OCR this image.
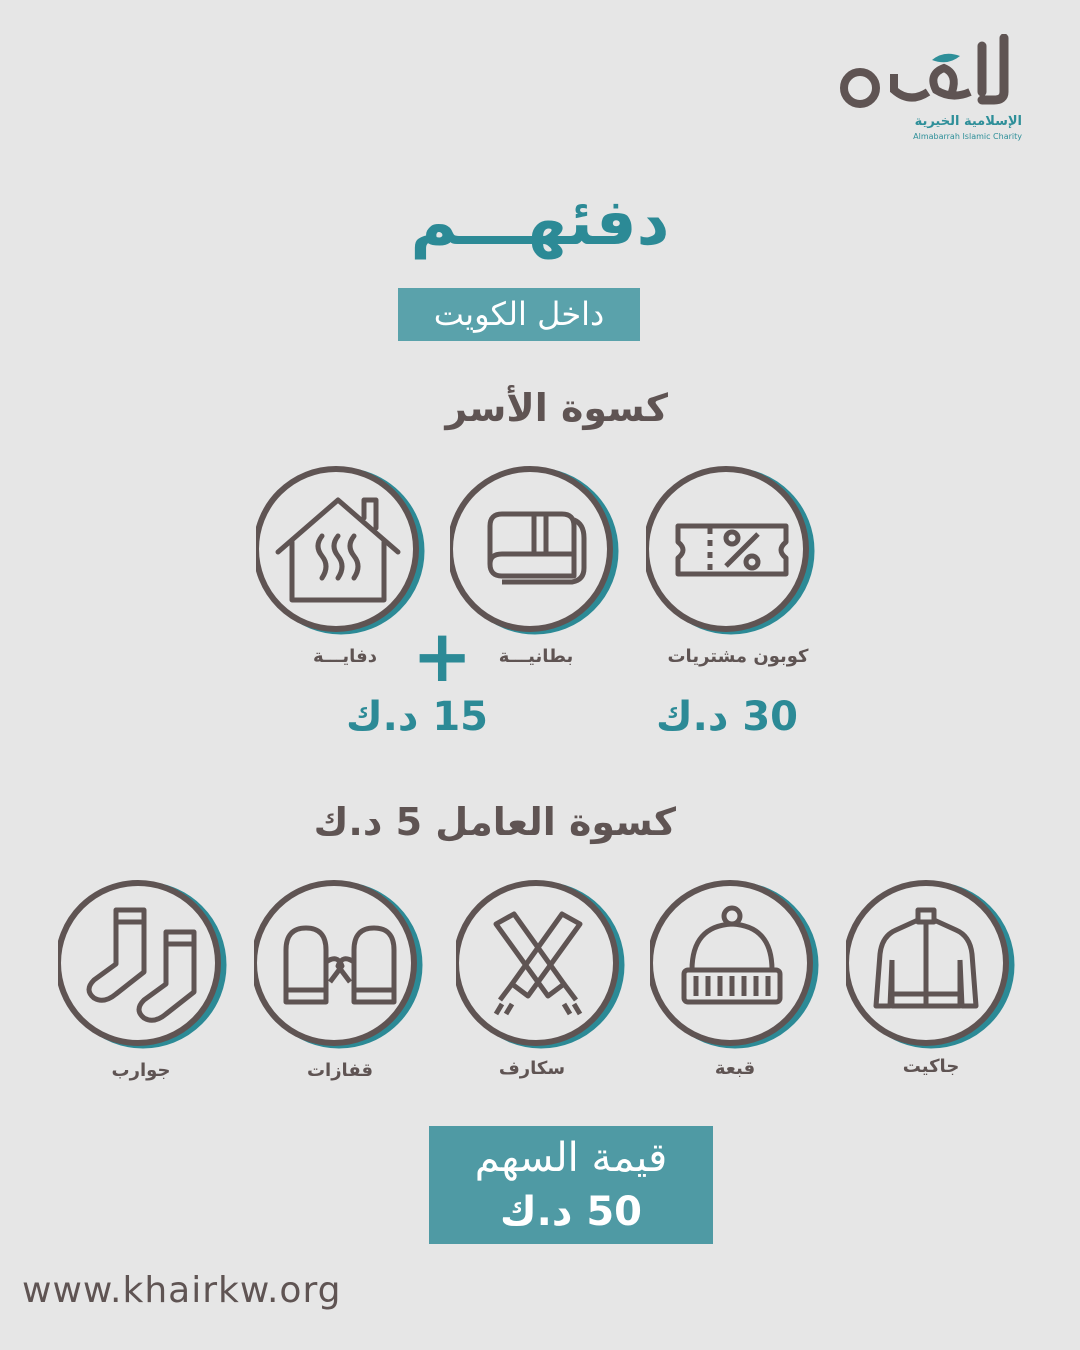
الإسلامية الخيرية
Almabarrah Islamic Charity
دفئهـــم
داخل الكويت
كسوة الأسر
كوبون مشتريات
بطانيـــة
دفايـــة +
30 د.ك
15 د.ك
كسوة العامل 5 د.ك
جاكيت
قبعة
سكارف
قفازات
جوارب
قيمة السهم
50 د.ك
www.khairkw.org
